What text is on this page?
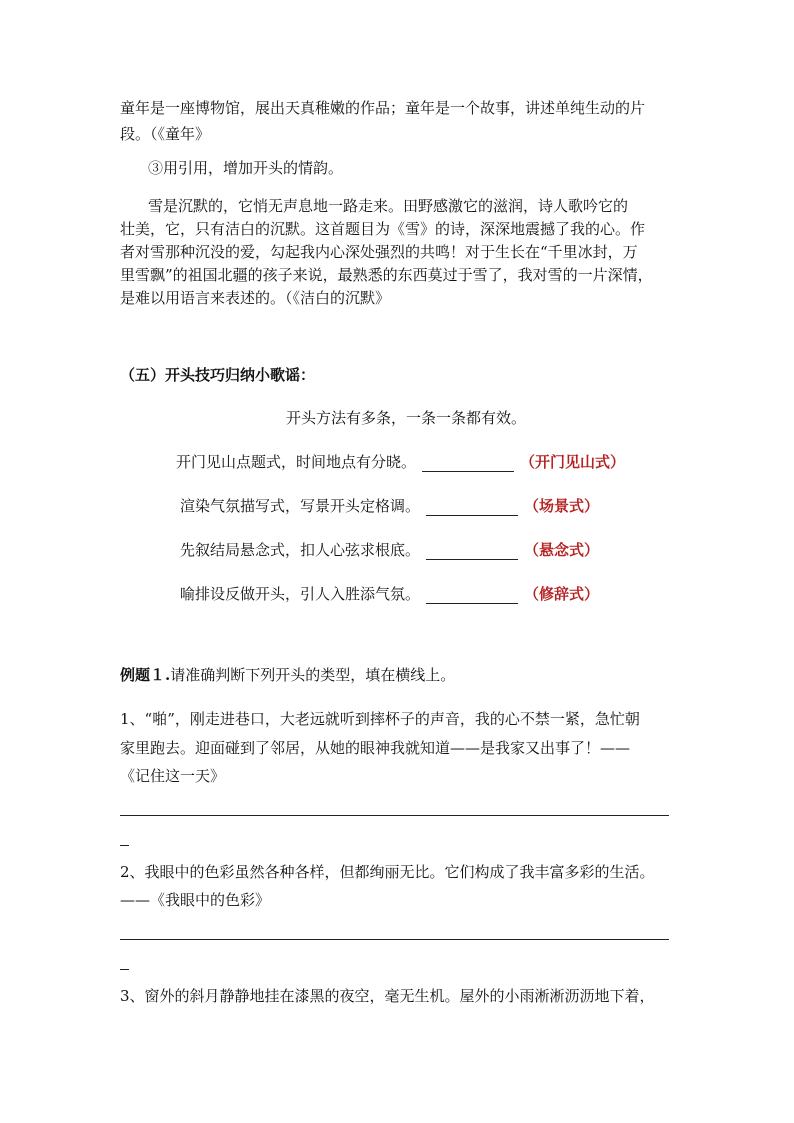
童年是一座博物馆，展出天真稚嫩的作品；童年是一个故事，讲述单纯生动的片
段。（《童年》
③用引用，增加开头的情韵。
雪是沉默的，它悄无声息地一路走来。田野感激它的滋润，诗人歌吟它的
壮美，它，只有洁白的沉默。这首题目为《雪》的诗，深深地震撼了我的心。作
者对雪那种沉没的爱，勾起我内心深处强烈的共鸣！对于生长在“千里冰封，万
里雪飘”的祖国北疆的孩子来说，最熟悉的东西莫过于雪了，我对雪的一片深情，
是难以用语言来表述的。（《洁白的沉默》
（五）开头技巧归纳小歌谣：
开头方法有多条，一条一条都有效。
开门见山点题式，时间地点有分晓。	（开门见山式）
渲染气氛描写式，写景开头定格调。	（场景式）
先叙结局悬念式，扣人心弦求根底。	（悬念式）
喻排设反做开头，引人入胜添气氛。	（修辞式）
例题１.请准确判断下列开头的类型，填在横线上。
1、“啪”，刚走进巷口，大老远就听到摔杯子的声音，我的心不禁一紧，急忙朝
家里跑去。迎面碰到了邻居，从她的眼神我就知道——是我家又出事了！——
《记住这一天》
2、我眼中的色彩虽然各种各样，但都绚丽无比。它们构成了我丰富多彩的生活。
——《我眼中的色彩》
3、窗外的斜月静静地挂在漆黑的夜空，毫无生机。屋外的小雨淅淅沥沥地下着，
